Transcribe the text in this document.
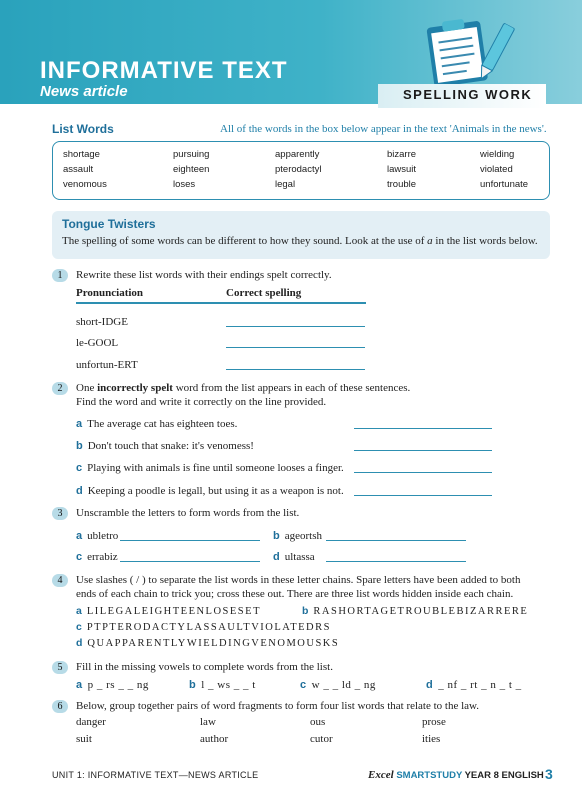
INFORMATIVE TEXT
News article	SPELLING WORK
List Words	All of the words in the box below appear in the text 'Animals in the news'.
shortage	pursuing	apparently	bizarre	wielding
assault	eighteen	pterodactyl	lawsuit	violated
venomous	loses	legal	trouble	unfortunate
Tongue Twisters
The spelling of some words can be different to how they sound. Look at the use of a in the list words below.
1	Rewrite these list words with their endings spelt correctly.
Pronunciation	Correct spelling
short-IDGE
le-GOOL
unfortun-ERT
2	One incorrectly spelt word from the list appears in each of these sentences.
Find the word and write it correctly on the line provided.
a The average cat has eighteen toes.
b Don't touch that snake: it's venomess!
c Playing with animals is fine until someone looses a finger.
d Keeping a poodle is legall, but using it as a weapon is not.
3	Unscramble the letters to form words from the list.
a ubletro	b ageortsh
c errabiz	d ultassa
4	Use slashes ( / ) to separate the list words in these letter chains. Spare letters have been added to both
ends of each chain to trick you; cross these out. There are three list words hidden inside each chain.
a LILEGALEIGHTEENLOSESET	b RASHORTAGETROUBLEBIZARRERE
c PTPTERODACTYLASSAULTVIOLATEDRS
d QUAPPARENTLYWIELDINGVENOMOUSKS
5	Fill in the missing vowels to complete words from the list.
a p _ rs _ _ ng	b l _ ws _ _ t	c w _ _ ld _ ng	d _ nf _ rt _ n _ t _
6	Below, group together pairs of word fragments to form four list words that relate to the law.
danger	law	ous	prose
suit	author	cutor	ities
UNIT 1: INFORMATIVE TEXT—NEWS ARTICLE	Excel SMARTSTUDY YEAR 8 ENGLISH 3
